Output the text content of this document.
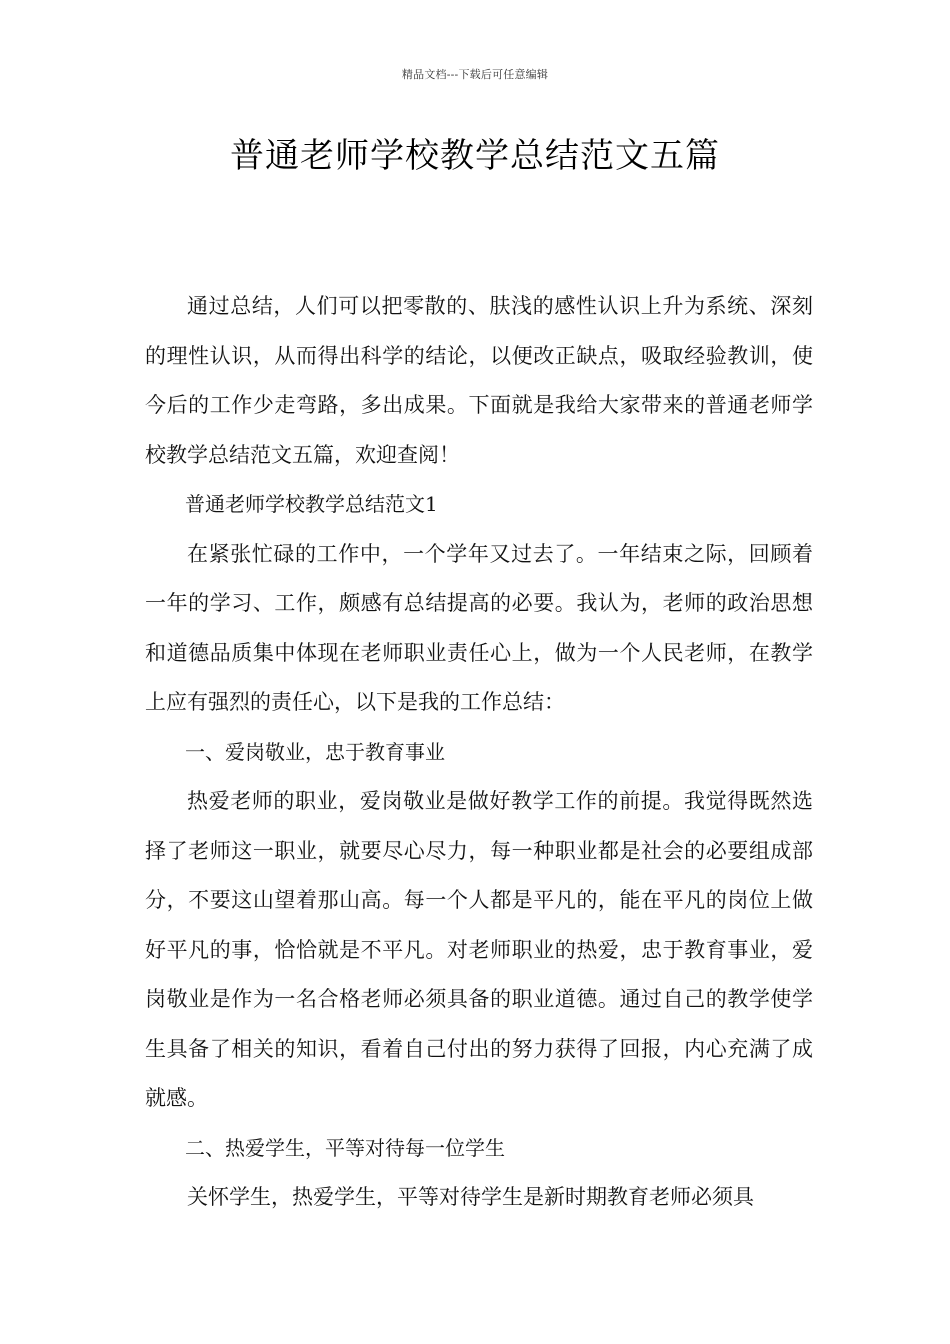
精品文档---下载后可任意编辑
普通老师学校教学总结范文五篇

通过总结，人们可以把零散的、肤浅的感性认识上升为系统、深刻的理性认识，从而得出科学的结论，以便改正缺点，吸取经验教训，使今后的工作少走弯路，多出成果。下面就是我给大家带来的普通老师学校教学总结范文五篇，欢迎查阅！

普通老师学校教学总结范文1

在紧张忙碌的工作中，一个学年又过去了。一年结束之际，回顾着一年的学习、工作，颇感有总结提高的必要。我认为，老师的政治思想和道德品质集中体现在老师职业责任心上，做为一个人民老师，在教学上应有强烈的责任心，以下是我的工作总结：

一、爱岗敬业，忠于教育事业

热爱老师的职业，爱岗敬业是做好教学工作的前提。我觉得既然选择了老师这一职业，就要尽心尽力，每一种职业都是社会的必要组成部分，不要这山望着那山高。每一个人都是平凡的，能在平凡的岗位上做好平凡的事，恰恰就是不平凡。对老师职业的热爱，忠于教育事业，爱岗敬业是作为一名合格老师必须具备的职业道德。通过自己的教学使学生具备了相关的知识，看着自己付出的努力获得了回报，内心充满了成就感。

二、热爱学生，平等对待每一位学生

关怀学生，热爱学生，平等对待学生是新时期教育老师必须具
